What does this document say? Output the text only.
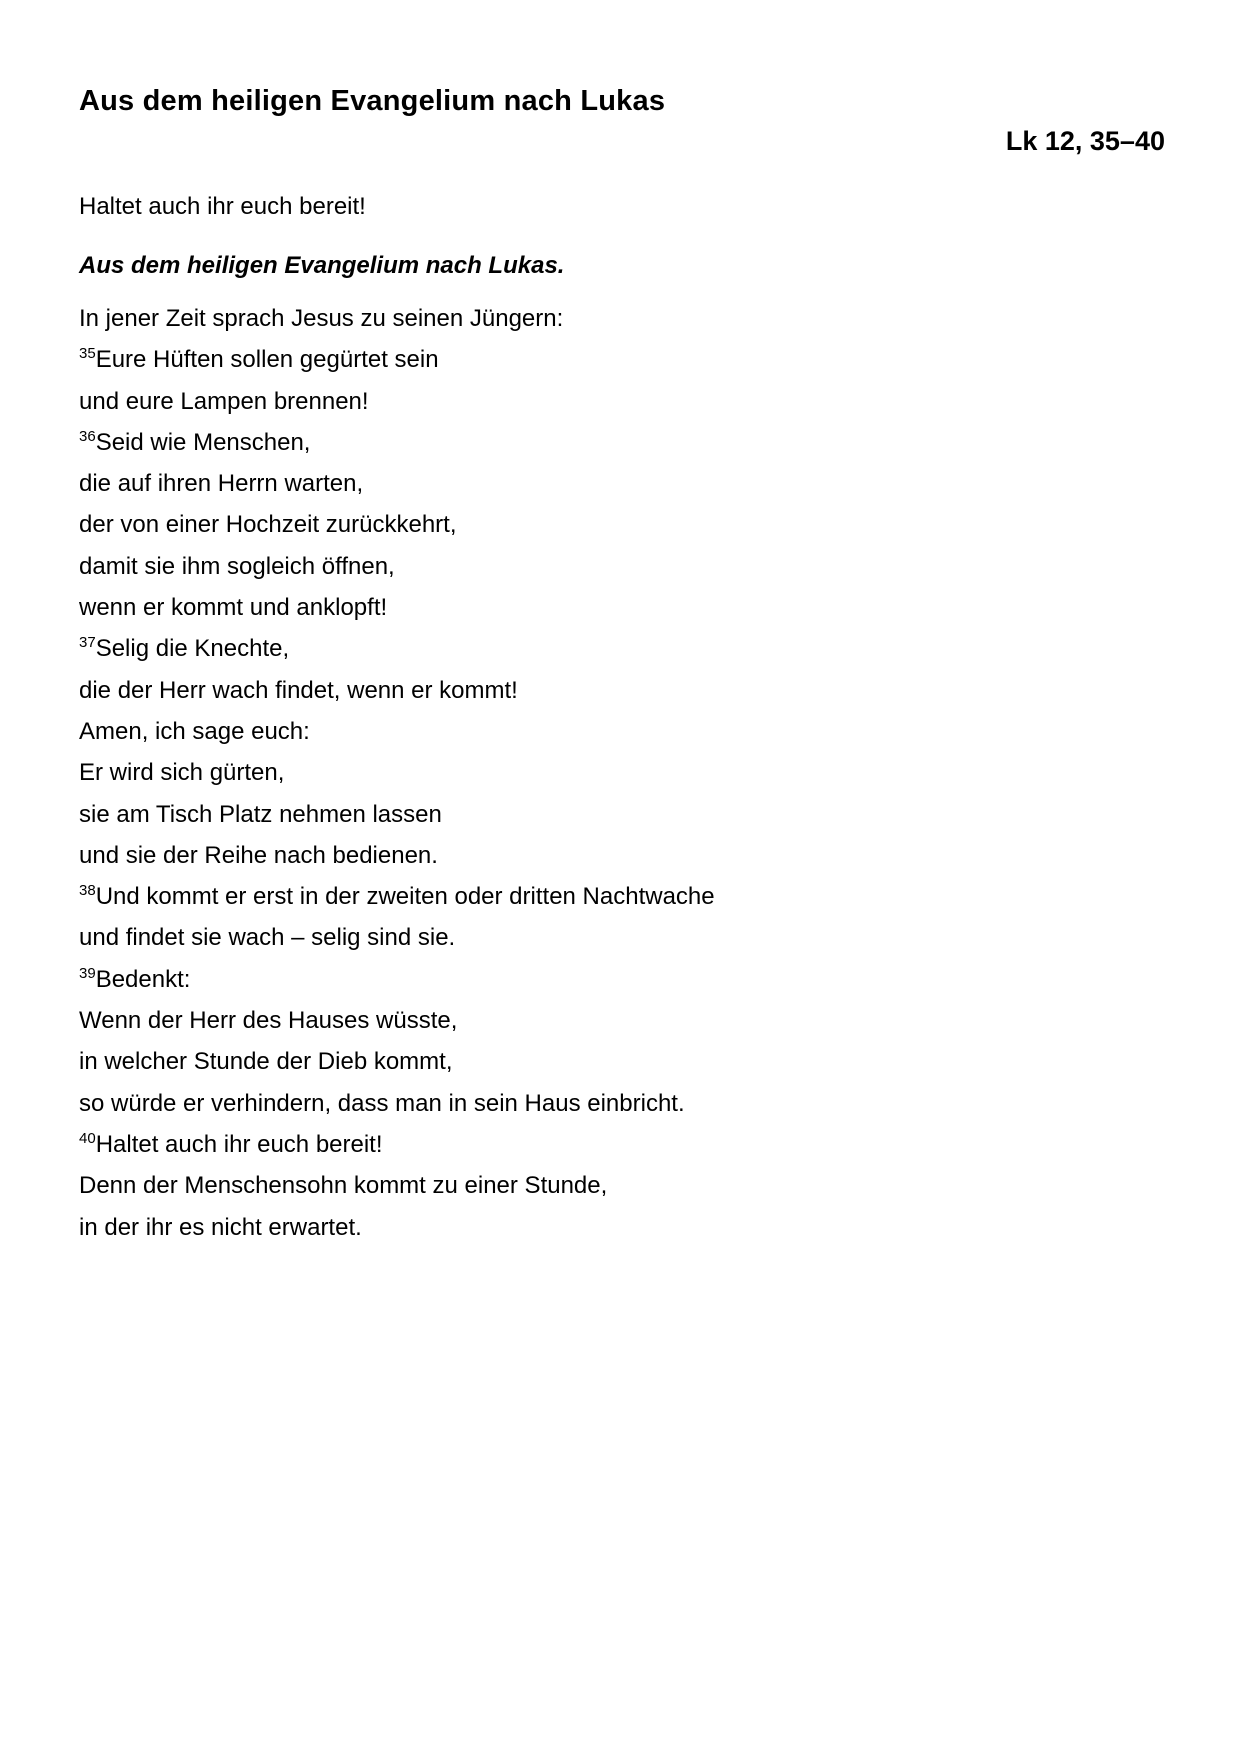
Aus dem heiligen Evangelium nach Lukas
Lk 12, 35–40

Haltet auch ihr euch bereit!

Aus dem heiligen Evangelium nach Lukas.

In jener Zeit sprach Jesus zu seinen Jüngern:
$^{35}$Eure Hüften sollen gegürtet sein
und eure Lampen brennen!
$^{36}$Seid wie Menschen,
die auf ihren Herrn warten,
der von einer Hochzeit zurückkehrt,
damit sie ihm sogleich öffnen,
wenn er kommt und anklopft!
$^{37}$Selig die Knechte,
die der Herr wach findet, wenn er kommt!
Amen, ich sage euch:
Er wird sich gürten,
sie am Tisch Platz nehmen lassen
und sie der Reihe nach bedienen.
$^{38}$Und kommt er erst in der zweiten oder dritten Nachtwache
und findet sie wach – selig sind sie.
$^{39}$Bedenkt:
Wenn der Herr des Hauses wüsste,
in welcher Stunde der Dieb kommt,
so würde er verhindern, dass man in sein Haus einbricht.
$^{40}$Haltet auch ihr euch bereit!
Denn der Menschensohn kommt zu einer Stunde,
in der ihr es nicht erwartet.
